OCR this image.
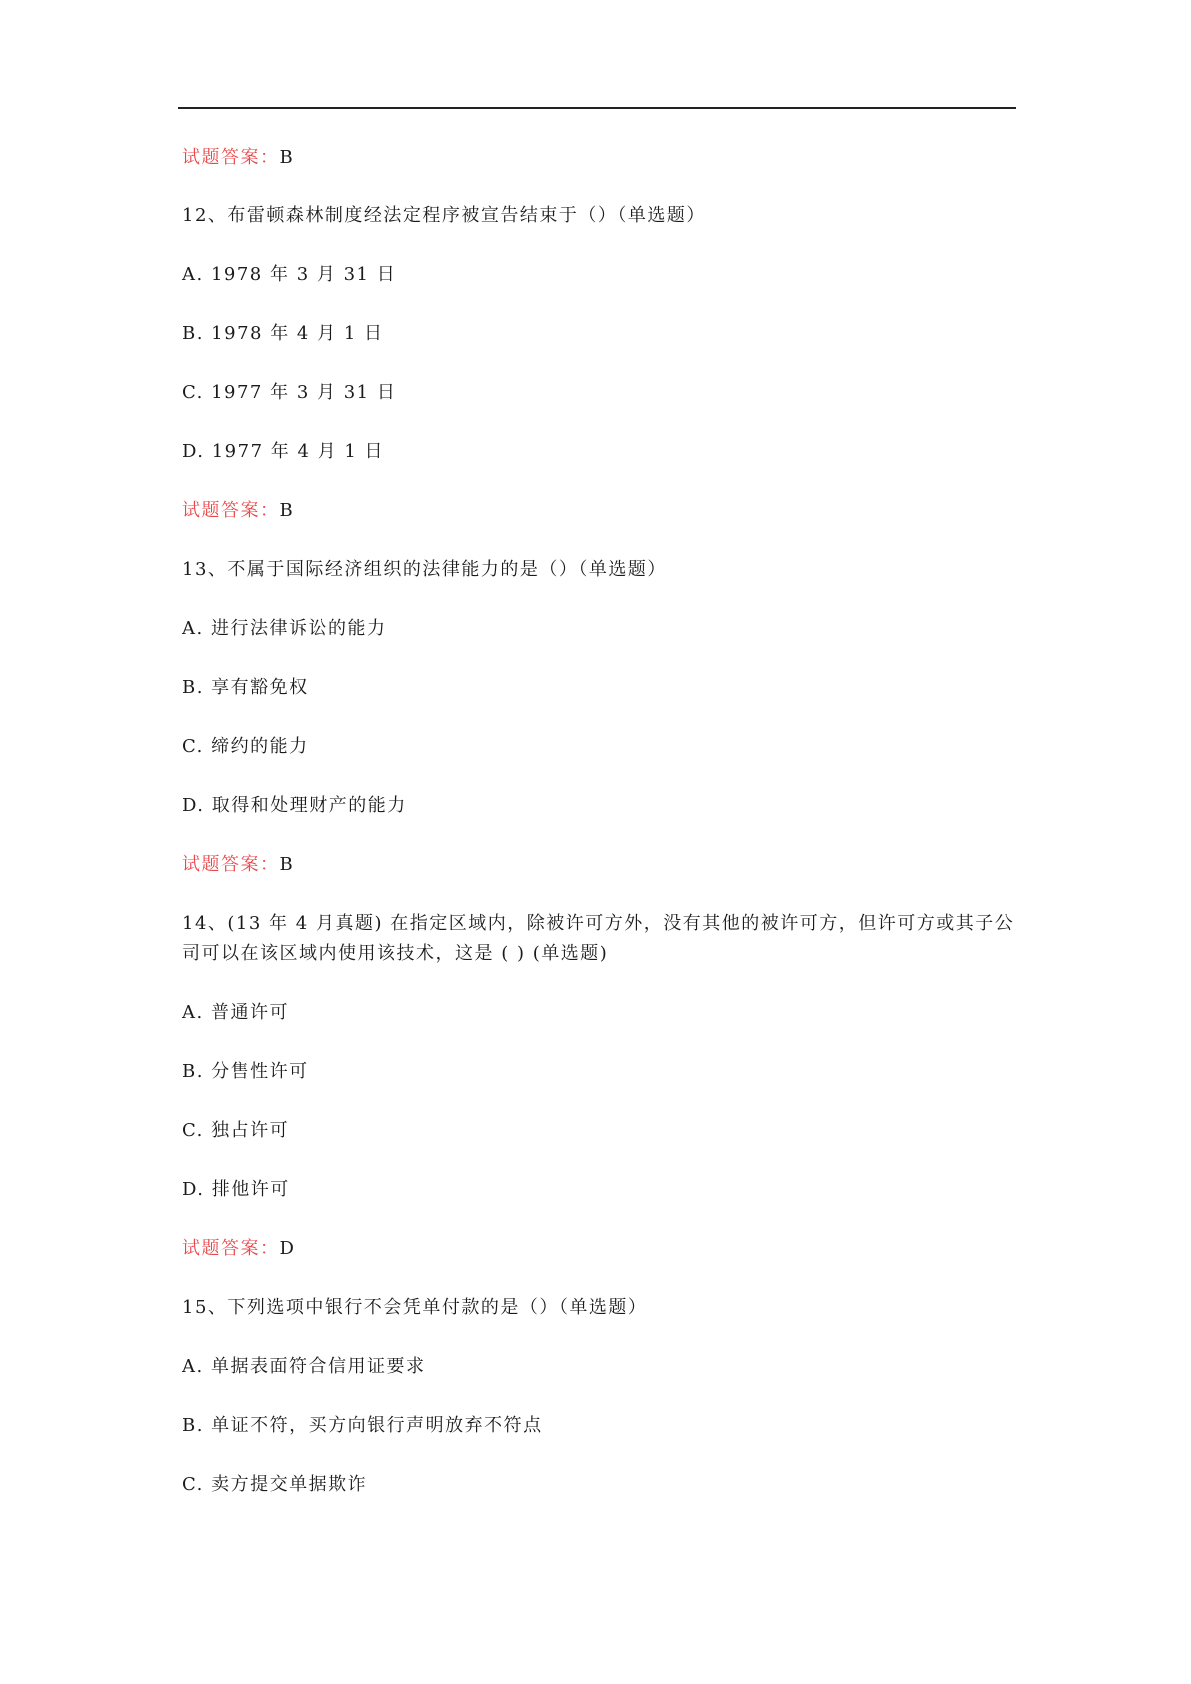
试题答案：B
12、布雷顿森林制度经法定程序被宣告结束于（）（单选题）
A. 1978 年 3 月 31 日
B. 1978 年 4 月 1 日
C. 1977 年 3 月 31 日
D. 1977 年 4 月 1 日
试题答案：B
13、不属于国际经济组织的法律能力的是（）（单选题）
A. 进行法律诉讼的能力
B. 享有豁免权
C. 缔约的能力
D. 取得和处理财产的能力
试题答案：B
14、(13 年 4 月真题) 在指定区域内，除被许可方外，没有其他的被许可方，但许可方或其子公
司可以在该区域内使用该技术，这是 ( ) (单选题)
A. 普通许可
B. 分售性许可
C. 独占许可
D. 排他许可
试题答案：D
15、下列选项中银行不会凭单付款的是（）（单选题）
A. 单据表面符合信用证要求
B. 单证不符，买方向银行声明放弃不符点
C. 卖方提交单据欺诈
